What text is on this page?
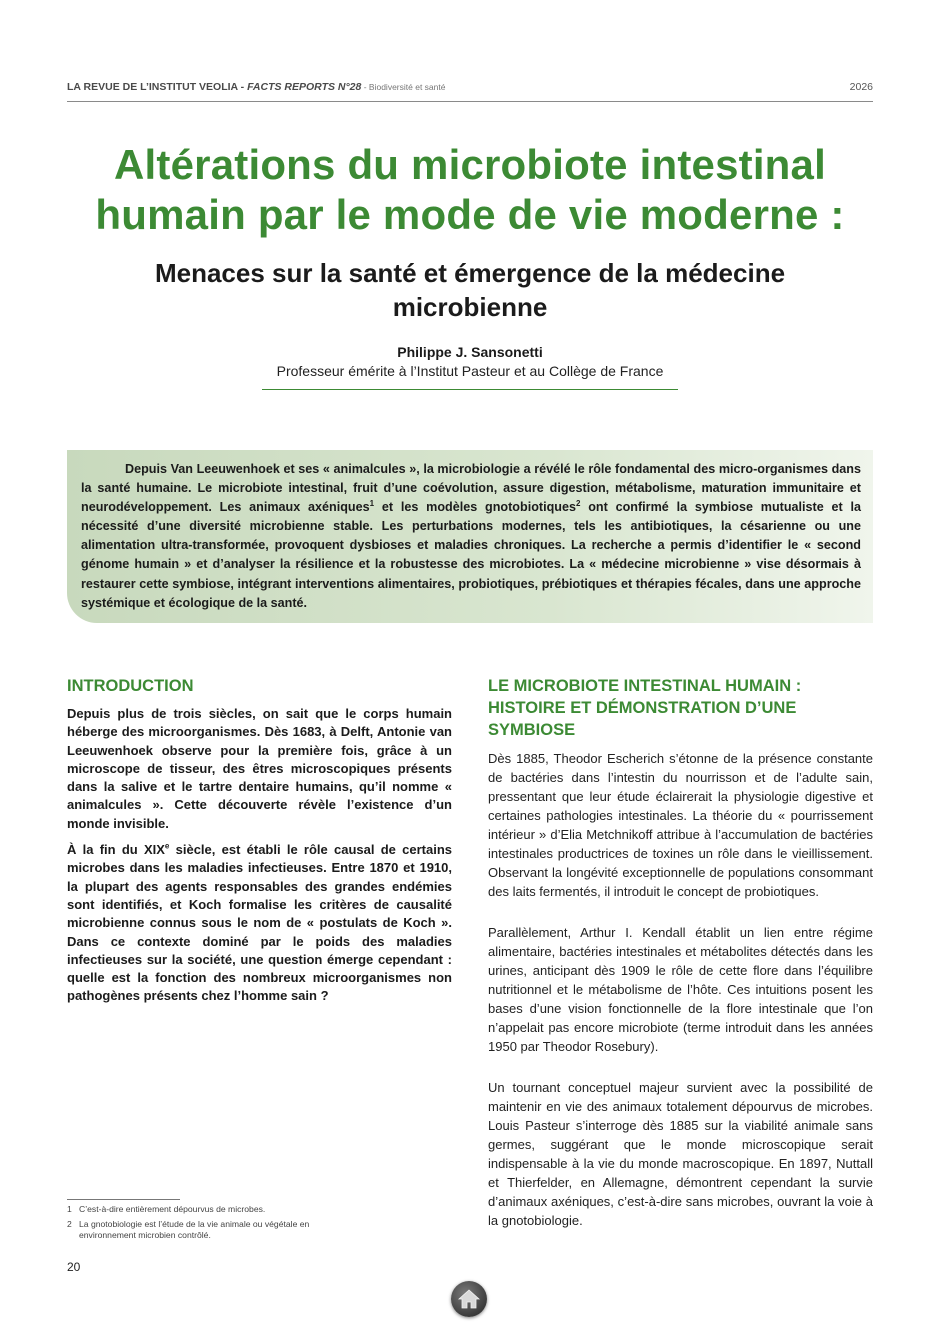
LA REVUE DE L’INSTITUT VEOLIA - FACTS REPORTS N°28 - Biodiversité et santé	2026
Altérations du microbiote intestinal humain par le mode de vie moderne :
Menaces sur la santé et émergence de la médecine microbienne
Philippe J. Sansonetti
Professeur émérite à l’Institut Pasteur et au Collège de France

Depuis Van Leeuwenhoek et ses « animalcules », la microbiologie a révélé le rôle fondamental des micro-organismes dans la santé humaine. Le microbiote intestinal, fruit d’une coévolution, assure digestion, métabolisme, maturation immunitaire et neurodéveloppement. Les animaux axéniques$^1$ et les modèles gnotobiotiques$^2$ ont confirmé la symbiose mutualiste et la nécessité d’une diversité microbienne stable. Les perturbations modernes, tels les antibiotiques, la césarienne ou une alimentation ultra-transformée, provoquent dysbioses et maladies chroniques. La recherche a permis d’identifier le « second génome humain » et d’analyser la résilience et la robustesse des microbiotes. La « médecine microbienne » vise désormais à restaurer cette symbiose, intégrant interventions alimentaires, probiotiques, prébiotiques et thérapies fécales, dans une approche systémique et écologique de la santé.

INTRODUCTION

Depuis plus de trois siècles, on sait que le corps humain héberge des microorganismes. Dès 1683, à Delft, Antonie van Leeuwenhoek observe pour la première fois, grâce à un microscope de tisseur, des êtres microscopiques présents dans la salive et le tartre dentaire humains, qu’il nomme « animalcules ». Cette découverte révèle l’existence d’un monde invisible.

À la fin du XIXe siècle, est établi le rôle causal de certains microbes dans les maladies infectieuses. Entre 1870 et 1910, la plupart des agents responsables des grandes endémies sont identifiés, et Koch formalise les critères de causalité microbienne connus sous le nom de « postulats de Koch ». Dans ce contexte dominé par le poids des maladies infectieuses sur la société, une question émerge cependant : quelle est la fonction des nombreux microorganismes non pathogènes présents chez l’homme sain ?

LE MICROBIOTE INTESTINAL HUMAIN : HISTOIRE ET DÉMONSTRATION D’UNE SYMBIOSE

Dès 1885, Theodor Escherich s’étonne de la présence constante de bactéries dans l’intestin du nourrisson et de l’adulte sain, pressentant que leur étude éclairerait la physiologie digestive et certaines pathologies intestinales. La théorie du « pourrissement intérieur » d’Elia Metchnikoff attribue à l’accumulation de bactéries intestinales productrices de toxines un rôle dans le vieillissement. Observant la longévité exceptionnelle de populations consommant des laits fermentés, il introduit le concept de probiotiques.

Parallèlement, Arthur I. Kendall établit un lien entre régime alimentaire, bactéries intestinales et métabolites détectés dans les urines, anticipant dès 1909 le rôle de cette flore dans l’équilibre nutritionnel et le métabolisme de l’hôte. Ces intuitions posent les bases d’une vision fonctionnelle de la flore intestinale que l’on n’appelait pas encore microbiote (terme introduit dans les années 1950 par Theodor Rosebury).

Un tournant conceptuel majeur survient avec la possibilité de maintenir en vie des animaux totalement dépourvus de microbes. Louis Pasteur s’interroge dès 1885 sur la viabilité animale sans germes, suggérant que le monde microscopique serait indispensable à la vie du monde macroscopique. En 1897, Nuttall et Thierfelder, en Allemagne, démontrent cependant la survie d’animaux axéniques, c’est-à-dire sans microbes, ouvrant la voie à la gnotobiologie.

1 C’est-à-dire entièrement dépourvus de microbes.
2 La gnotobiologie est l’étude de la vie animale ou végétale en environnement microbien contrôlé.
20
